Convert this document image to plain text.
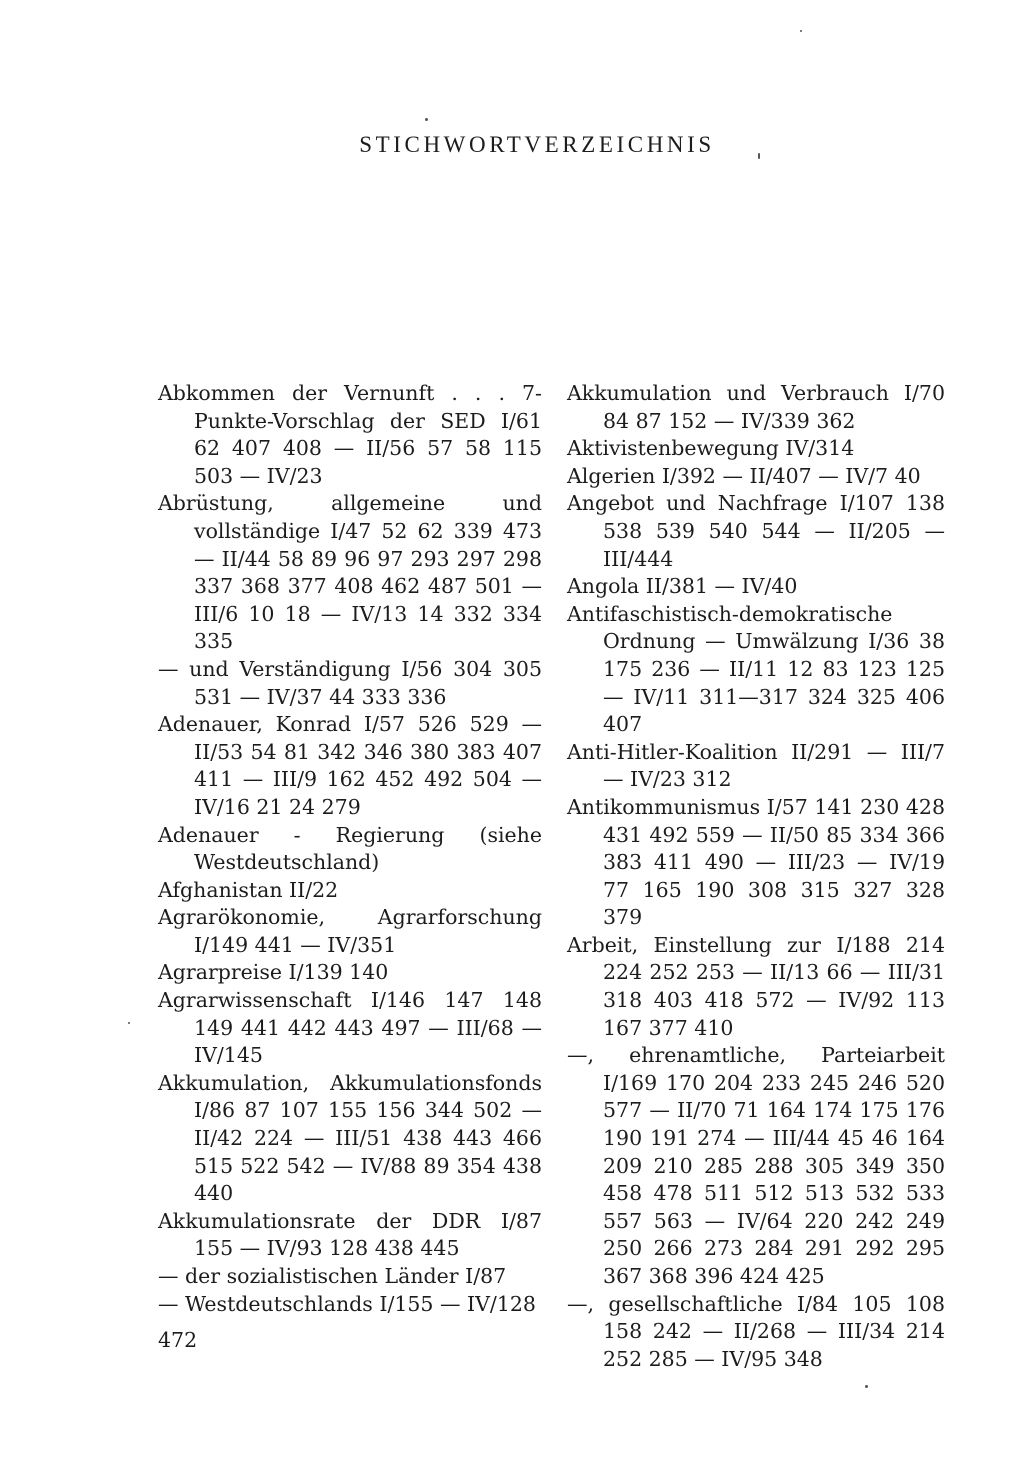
STICHWORTVERZEICHNIS

Abkommen der Vernunft . . . 7-Punkte-Vorschlag der SED I/61 62 407 408 — II/56 57 58 115 503 — IV/23

Abrüstung, allgemeine und vollständige I/47 52 62 339 473 — II/44 58 89 96 97 293 297 298 337 368 377 408 462 487 501 — III/6 10 18 — IV/13 14 332 334 335

— und Verständigung I/56 304 305 531 — IV/37 44 333 336

Adenauer, Konrad I/57 526 529 — II/53 54 81 342 346 380 383 407 411 — III/9 162 452 492 504 — IV/16 21 24 279

Adenauer - Regierung (siehe Westdeutschland)

Afghanistan II/22

Agrarökonomie, Agrarforschung I/149 441 — IV/351

Agrarpreise I/139 140

Agrarwissenschaft I/146 147 148 149 441 442 443 497 — III/68 — IV/145

Akkumulation, Akkumulationsfonds I/86 87 107 155 156 344 502 — II/42 224 — III/51 438 443 466 515 522 542 — IV/88 89 354 438 440

Akkumulationsrate der DDR I/87 155 — IV/93 128 438 445

— der sozialistischen Länder I/87

— Westdeutschlands I/155 — IV/128

Akkumulation und Verbrauch I/70 84 87 152 — IV/339 362

Aktivistenbewegung IV/314

Algerien I/392 — II/407 — IV/7 40

Angebot und Nachfrage I/107 138 538 539 540 544 — II/205 — III/444

Angola II/381 — IV/40

Antifaschistisch-demokratische Ordnung — Umwälzung I/36 38 175 236 — II/11 12 83 123 125 — IV/11 311—317 324 325 406 407

Anti-Hitler-Koalition II/291 — III/7 — IV/23 312

Antikommunismus I/57 141 230 428 431 492 559 — II/50 85 334 366 383 411 490 — III/23 — IV/19 77 165 190 308 315 327 328 379

Arbeit, Einstellung zur I/188 214 224 252 253 — II/13 66 — III/31 318 403 418 572 — IV/92 113 167 377 410

—, ehrenamtliche, Parteiarbeit I/169 170 204 233 245 246 520 577 — II/70 71 164 174 175 176 190 191 274 — III/44 45 46 164 209 210 285 288 305 349 350 458 478 511 512 513 532 533 557 563 — IV/64 220 242 249 250 266 273 284 291 292 295 367 368 396 424 425

—, gesellschaftliche I/84 105 108 158 242 — II/268 — III/34 214 252 285 — IV/95 348

472
